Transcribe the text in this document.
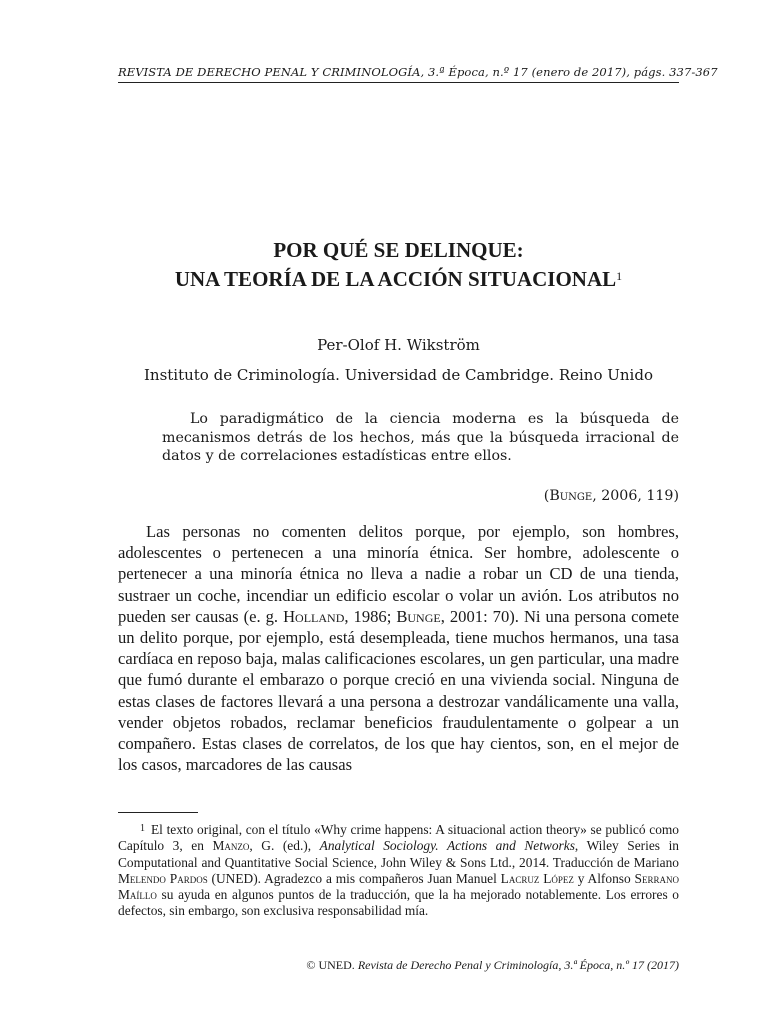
REVISTA DE DERECHO PENAL Y CRIMINOLOGÍA, 3.ª Época, n.º 17 (enero de 2017), págs. 337-367
POR QUÉ SE DELINQUE:
UNA TEORÍA DE LA ACCIÓN SITUACIONAL$^1$
Per-Olof H. Wikström
Instituto de Criminología. Universidad de Cambridge. Reino Unido

Lo paradigmático de la ciencia moderna es la búsqueda de mecanismos detrás de los hechos, más que la búsqueda irracional de datos y de correlaciones estadísticas entre ellos.

(Bunge, 2006, 119)

Las personas no comenten delitos porque, por ejemplo, son hombres, adolescentes o pertenecen a una minoría étnica. Ser hombre, adolescente o pertenecer a una minoría étnica no lleva a nadie a robar un CD de una tienda, sustraer un coche, incendiar un edificio escolar o volar un avión. Los atributos no pueden ser causas (e. g. Holland, 1986; Bunge, 2001: 70). Ni una persona comete un delito porque, por ejemplo, está desempleada, tiene muchos hermanos, una tasa cardíaca en reposo baja, malas calificaciones escolares, un gen particular, una madre que fumó durante el embarazo o porque creció en una vivienda social. Ninguna de estas clases de factores llevará a una persona a destrozar vandálicamente una valla, vender objetos robados, reclamar beneficios fraudulentamente o golpear a un compañero. Estas clases de correlatos, de los que hay cientos, son, en el mejor de los casos, marcadores de las causas

$^1$ El texto original, con el título «Why crime happens: A situacional action theory» se publicó como Capítulo 3, en Manzo, G. (ed.), Analytical Sociology. Actions and Networks, Wiley Series in Computational and Quantitative Social Science, John Wiley & Sons Ltd., 2014. Traducción de Mariano Melendo Pardos (UNED). Agradezco a mis compañeros Juan Manuel Lacruz López y Alfonso Serrano Maíllo su ayuda en algunos puntos de la traducción, que la ha mejorado notablemente. Los errores o defectos, sin embargo, son exclusiva responsabilidad mía.

© UNED. Revista de Derecho Penal y Criminología, 3.ª Época, n.º 17 (2017)
